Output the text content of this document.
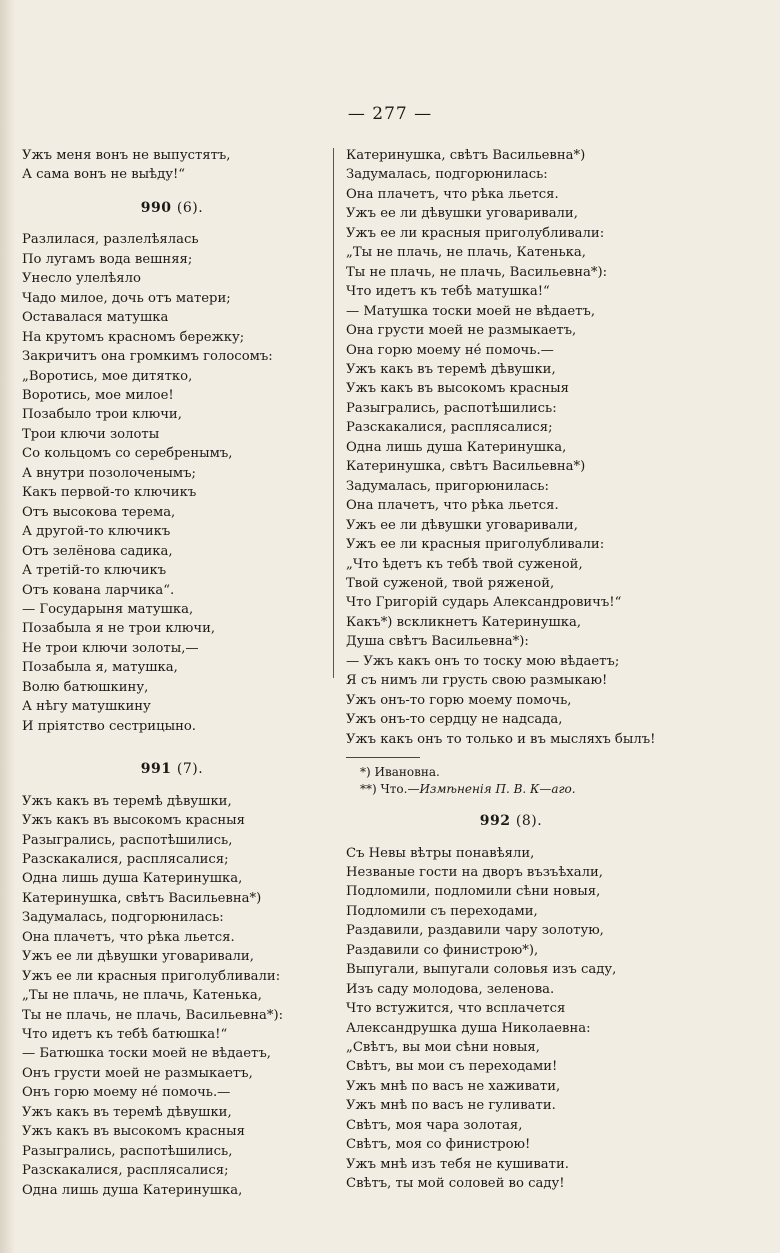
— 277 —
Ужъ меня вонъ не выпустятъ,
А сама вонъ не выѣду!“
990 (6).
Разлилася, разлелѣялась
По лугамъ вода вешняя;
Унесло улелѣяло
Чадо милое, дочь отъ матери;
Оставалася матушка
На крутомъ красномъ бережку;
Закричитъ она громкимъ голосомъ:
„Воротись, мое дитятко,
Воротись, мое милое!
Позабыло трои ключи,
Трои ключи золоты
Со кольцомъ со серебренымъ,
А внутри позолоченымъ;
Какъ первой-то ключикъ
Отъ высокова терема,
А другой-то ключикъ
Отъ зелёнова садика,
А третій-то ключикъ
Отъ кована ларчика“.
— Государыня матушка,
Позабыла я не трои ключи,
Не трои ключи золоты,—
Позабыла я, матушка,
Волю батюшкину,
А нѣгу матушкину
И пріятство сестрицыно.
991 (7).
Ужъ какъ въ теремѣ дѣвушки,
Ужъ какъ въ высокомъ красныя
Разыгрались, распотѣшились,
Разскакалися, расплясалися;
Одна лишь душа Катеринушка,
Катеринушка, свѣтъ Васильевна*)
Задумалась, подгорюнилась:
Она плачетъ, что рѣка льется.
Ужъ ее ли дѣвушки уговаривали,
Ужъ ее ли красныя приголубливали:
„Ты не плачь, не плачь, Катенька,
Ты не плачь, не плачь, Васильевна*):
Что идетъ къ тебѣ батюшка!“
— Батюшка тоски моей не вѣдаетъ,
Онъ грусти моей не размыкаетъ,
Онъ горю моему не́ помочь.—
Ужъ какъ въ теремѣ дѣвушки,
Ужъ какъ въ высокомъ красныя
Разыгрались, распотѣшились,
Разскакалися, расплясалися;
Одна лишь душа Катеринушка,
Катеринушка, свѣтъ Васильевна*)
Задумалась, подгорюнилась:
Она плачетъ, что рѣка льется.
Ужъ ее ли дѣвушки уговаривали,
Ужъ ее ли красныя приголубливали:
„Ты не плачь, не плачь, Катенька,
Ты не плачь, не плачь, Васильевна*):
Что идетъ къ тебѣ матушка!“
— Матушка тоски моей не вѣдаетъ,
Она грусти моей не размыкаетъ,
Она горю моему не́ помочь.—
Ужъ какъ въ теремѣ дѣвушки,
Ужъ какъ въ высокомъ красныя
Разыгрались, распотѣшились:
Разскакалися, расплясалися;
Одна лишь душа Катеринушка,
Катеринушка, свѣтъ Васильевна*)
Задумалась, пригорюнилась:
Она плачетъ, что рѣка льется.
Ужъ ее ли дѣвушки уговаривали,
Ужъ ее ли красныя приголубливали:
„Что ѣдетъ къ тебѣ твой суженой,
Твой суженой, твой ряженой,
Что Григорій сударь Александровичъ!“
Какъ*) вскликнетъ Катеринушка,
Душа свѣтъ Васильевна*):
— Ужъ какъ онъ то тоску мою вѣдаетъ;
Я съ нимъ ли грусть свою размыкаю!
Ужъ онъ-то горю моему помочь,
Ужъ онъ-то сердцу не надсада,
Ужъ какъ онъ то только и въ мысляхъ былъ!
*) Ивановна.
**) Что.—Измѣненія П. В. К—аго.
992 (8).
Съ Невы вѣтры понавѣяли,
Незваные гости на дворъ възъѣхали,
Подломили, подломили сѣни новыя,
Подломили съ переходами,
Раздавили, раздавили чару золотую,
Раздавили со финистрою*),
Выпугали, выпугали соловья изъ саду,
Изъ саду молодова, зеленова.
Что встужится, что всплачется
Александрушка душа Николаевна:
„Свѣтъ, вы мои сѣни новыя,
Свѣтъ, вы мои съ переходами!
Ужъ мнѣ по васъ не хаживати,
Ужъ мнѣ по васъ не гуливати.
Свѣтъ, моя чара золотая,
Свѣтъ, моя со финистрою!
Ужъ мнѣ изъ тебя не кушивати.
Свѣтъ, ты мой соловей во саду!
